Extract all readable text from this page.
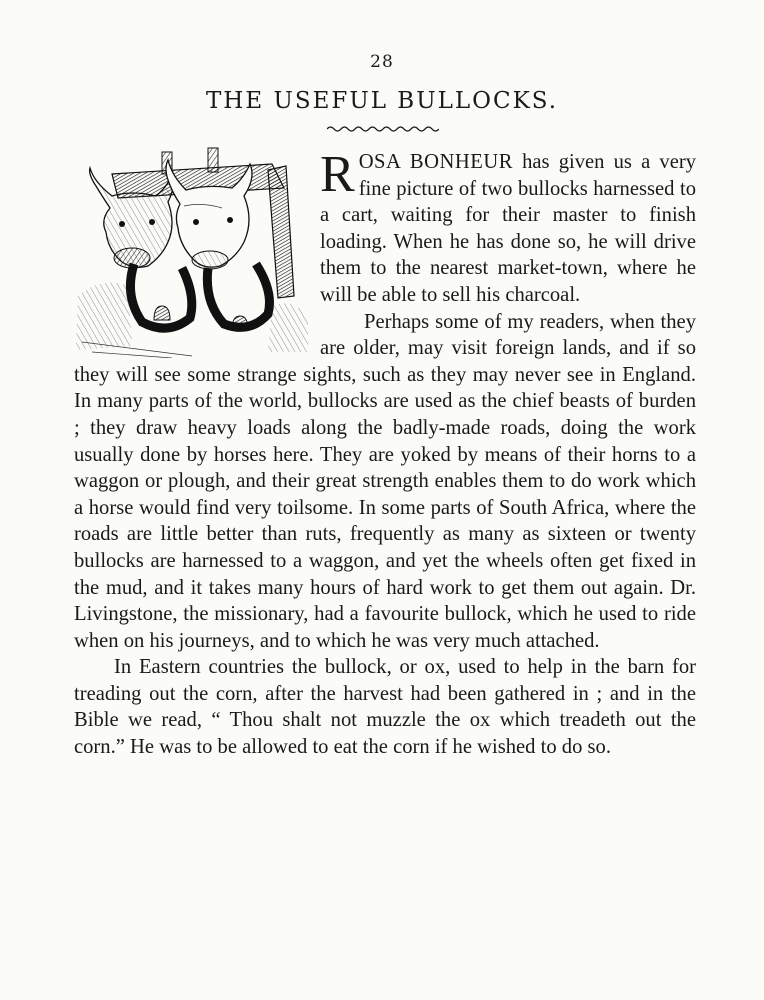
28
THE USEFUL BULLOCKS.

ROSA BONHEUR has given us a very fine picture of two bullocks harnessed to a cart, waiting for their master to finish loading. When he has done so, he will drive them to the nearest market-town, where he will be able to sell his charcoal.

Perhaps some of my readers, when they are older, may visit foreign lands, and if so they will see some strange sights, such as they may never see in England. In many parts of the world, bullocks are used as the chief beasts of burden ; they draw heavy loads along the badly-made roads, doing the work usually done by horses here. They are yoked by means of their horns to a waggon or plough, and their great strength enables them to do work which a horse would find very toilsome. In some parts of South Africa, where the roads are little better than ruts, frequently as many as sixteen or twenty bullocks are harnessed to a waggon, and yet the wheels often get fixed in the mud, and it takes many hours of hard work to get them out again. Dr. Livingstone, the missionary, had a favourite bullock, which he used to ride when on his journeys, and to which he was very much attached.

In Eastern countries the bullock, or ox, used to help in the barn for treading out the corn, after the harvest had been gathered in ; and in the Bible we read, “ Thou shalt not muzzle the ox which treadeth out the corn.” He was to be allowed to eat the corn if he wished to do so.
